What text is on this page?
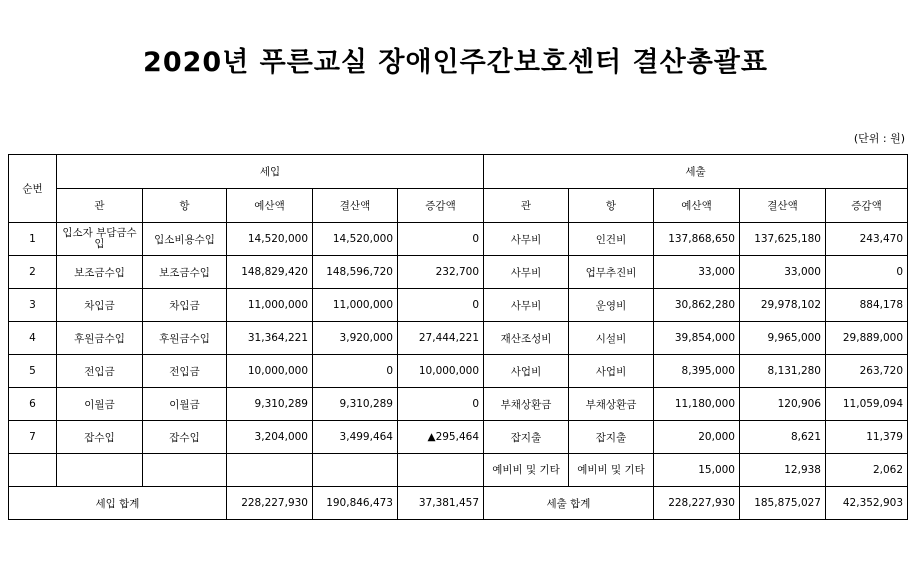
2020년 푸른교실 장애인주간보호센터 결산총괄표
(단위 : 원)
순번	세입					세출				
	관	항	예산액	결산액	증감액	관	항	예산액	결산액	증감액
1	입소자 부담금수입	입소비용수입	14,520,000	14,520,000	0	사무비	인건비	137,868,650	137,625,180	243,470
2	보조금수입	보조금수입	148,829,420	148,596,720	232,700	사무비	업무추진비	33,000	33,000	0
3	차입금	차입금	11,000,000	11,000,000	0	사무비	운영비	30,862,280	29,978,102	884,178
4	후원금수입	후원금수입	31,364,221	3,920,000	27,444,221	재산조성비	시설비	39,854,000	9,965,000	29,889,000
5	전입금	전입금	10,000,000	0	10,000,000	사업비	사업비	8,395,000	8,131,280	263,720
6	이월금	이월금	9,310,289	9,310,289	0	부채상환금	부채상환금	11,180,000	120,906	11,059,094
7	잡수입	잡수입	3,204,000	3,499,464	▲295,464	잡지출	잡지출	20,000	8,621	11,379
						예비비 및 기타	예비비 및 기타	15,000	12,938	2,062
세입 합계			228,227,930	190,846,473	37,381,457	세출 합계		228,227,930	185,875,027	42,352,903
